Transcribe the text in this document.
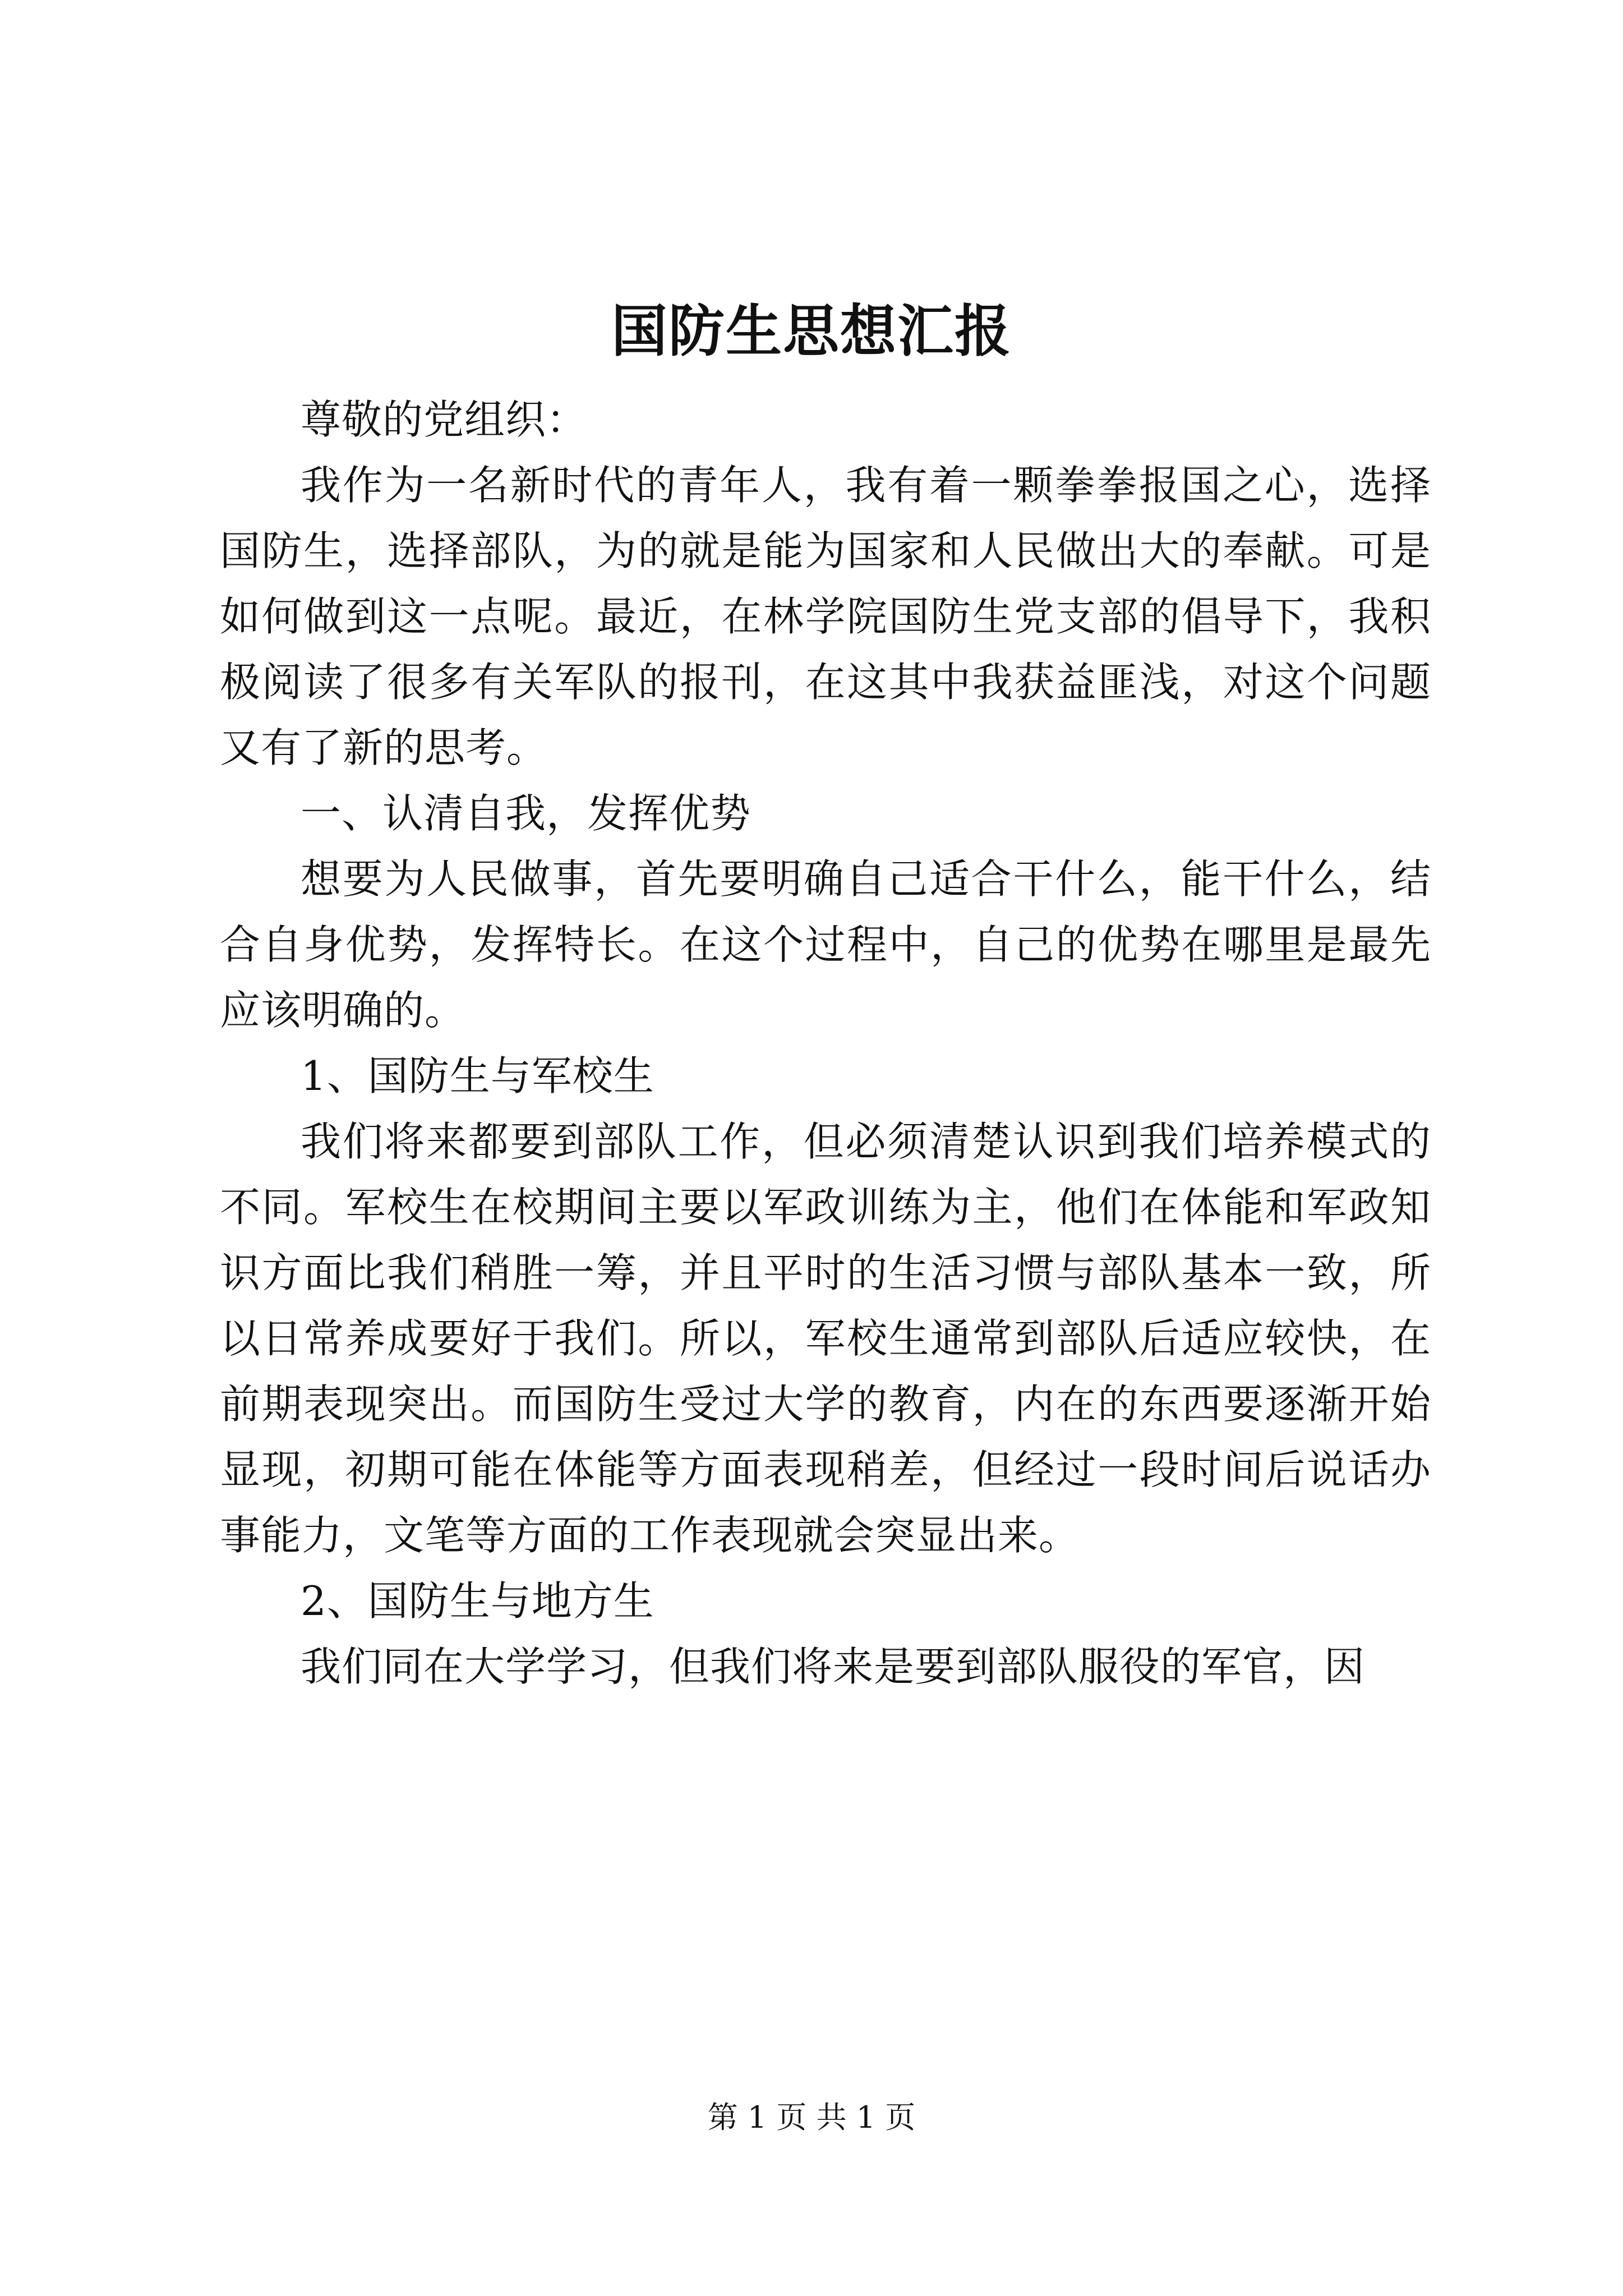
国防生思想汇报

尊敬的党组织：

我作为一名新时代的青年人，我有着一颗拳拳报国之心，选择国防生，选择部队，为的就是能为国家和人民做出大的奉献。可是如何做到这一点呢。最近，在林学院国防生党支部的倡导下，我积极阅读了很多有关军队的报刊，在这其中我获益匪浅，对这个问题又有了新的思考。

一、认清自我，发挥优势

想要为人民做事，首先要明确自己适合干什么，能干什么，结合自身优势，发挥特长。在这个过程中，自己的优势在哪里是最先应该明确的。

1、国防生与军校生

我们将来都要到部队工作，但必须清楚认识到我们培养模式的不同。军校生在校期间主要以军政训练为主，他们在体能和军政知识方面比我们稍胜一筹，并且平时的生活习惯与部队基本一致，所以日常养成要好于我们。所以，军校生通常到部队后适应较快，在前期表现突出。而国防生受过大学的教育，内在的东西要逐渐开始显现，初期可能在体能等方面表现稍差，但经过一段时间后说话办事能力，文笔等方面的工作表现就会突显出来。

2、国防生与地方生

我们同在大学学习，但我们将来是要到部队服役的军官，因

第 1 页 共 1 页
